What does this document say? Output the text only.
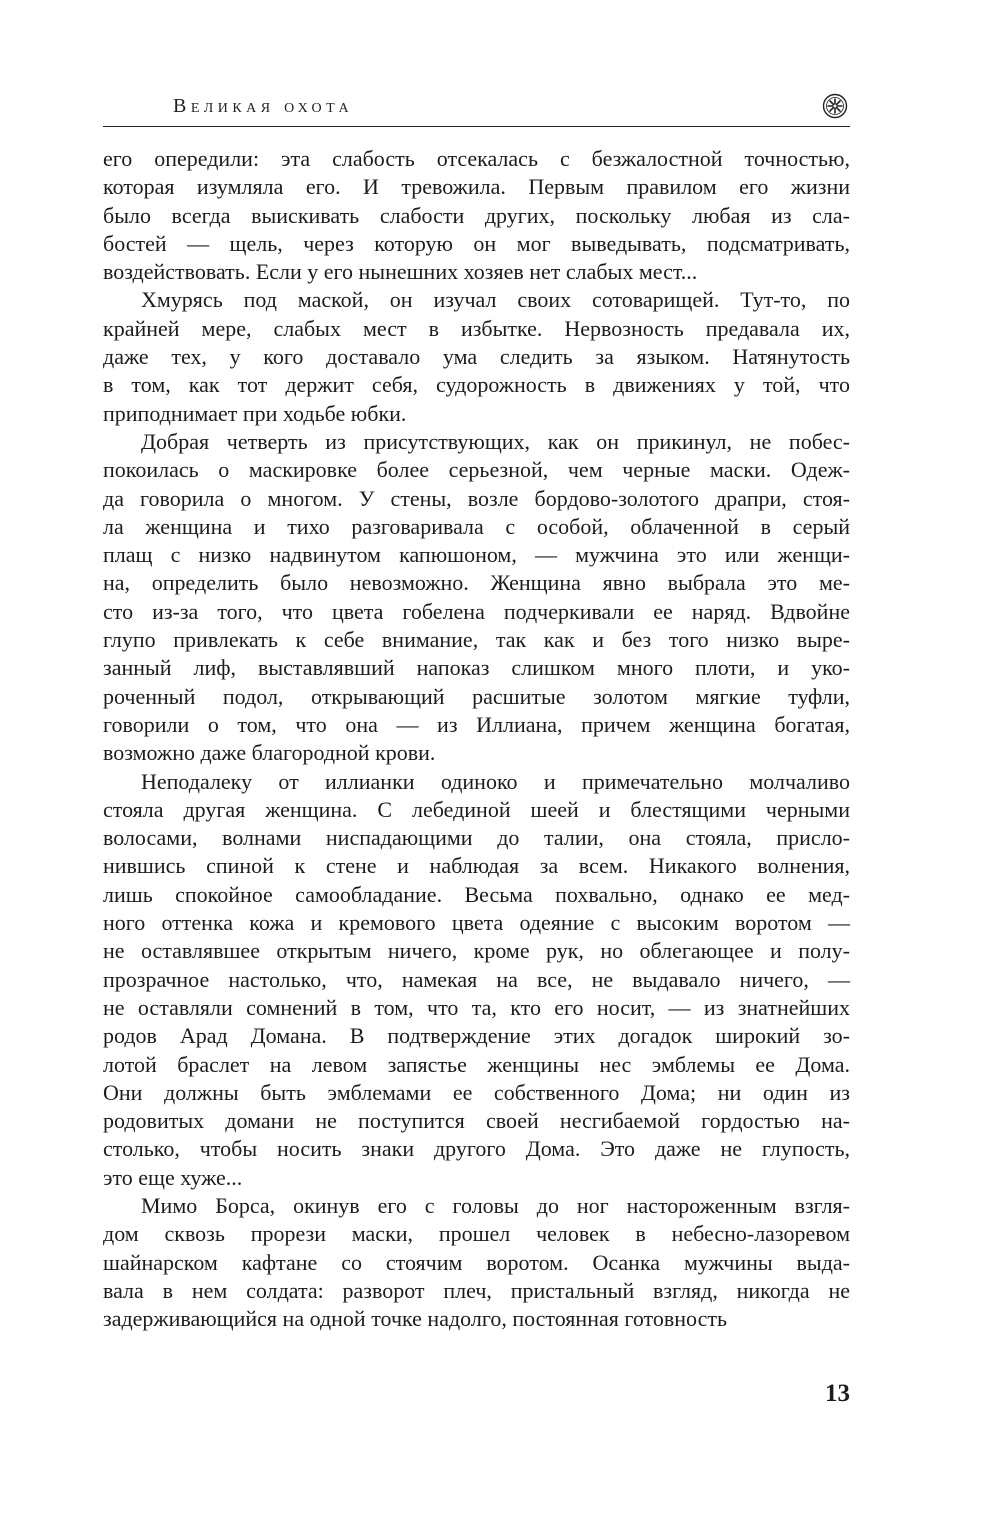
Великая охота
его опередили: эта слабость отсекалась с безжалостной точностью,
которая изумляла его. И тревожила. Первым правилом его жизни
было всегда выискивать слабости других, поскольку любая из сла-
бостей — щель, через которую он мог выведывать, подсматривать,
воздействовать. Если у его нынешних хозяев нет слабых мест...
Хмурясь под маской, он изучал своих сотоварищей. Тут-то, по
крайней мере, слабых мест в избытке. Нервозность предавала их,
даже тех, у кого доставало ума следить за языком. Натянутость
в том, как тот держит себя, судорожность в движениях у той, что
приподнимает при ходьбе юбки.
Добрая четверть из присутствующих, как он прикинул, не побес-
покоилась о маскировке более серьезной, чем черные маски. Одеж-
да говорила о многом. У стены, возле бордово-золотого драпри, стоя-
ла женщина и тихо разговаривала с особой, облаченной в серый
плащ с низко надвинутом капюшоном, — мужчина это или женщи-
на, определить было невозможно. Женщина явно выбрала это ме-
сто из-за того, что цвета гобелена подчеркивали ее наряд. Вдвойне
глупо привлекать к себе внимание, так как и без того низко выре-
занный лиф, выставлявший напоказ слишком много плоти, и уко-
роченный подол, открывающий расшитые золотом мягкие туфли,
говорили о том, что она — из Иллиана, причем женщина богатая,
возможно даже благородной крови.
Неподалеку от иллианки одиноко и примечательно молчаливо
стояла другая женщина. С лебединой шеей и блестящими черными
волосами, волнами ниспадающими до талии, она стояла, присло-
нившись спиной к стене и наблюдая за всем. Никакого волнения,
лишь спокойное самообладание. Весьма похвально, однако ее мед-
ного оттенка кожа и кремового цвета одеяние с высоким воротом —
не оставлявшее открытым ничего, кроме рук, но облегающее и полу-
прозрачное настолько, что, намекая на все, не выдавало ничего, —
не оставляли сомнений в том, что та, кто его носит, — из знатнейших
родов Арад Домана. В подтверждение этих догадок широкий зо-
лотой браслет на левом запястье женщины нес эмблемы ее Дома.
Они должны быть эмблемами ее собственного Дома; ни один из
родовитых домани не поступится своей несгибаемой гордостью на-
столько, чтобы носить знаки другого Дома. Это даже не глупость,
это еще хуже...
Мимо Борса, окинув его с головы до ног настороженным взгля-
дом сквозь прорези маски, прошел человек в небесно-лазоревом
шайнарском кафтане со стоячим воротом. Осанка мужчины выда-
вала в нем солдата: разворот плеч, пристальный взгляд, никогда не
задерживающийся на одной точке надолго, постоянная готовность
13
